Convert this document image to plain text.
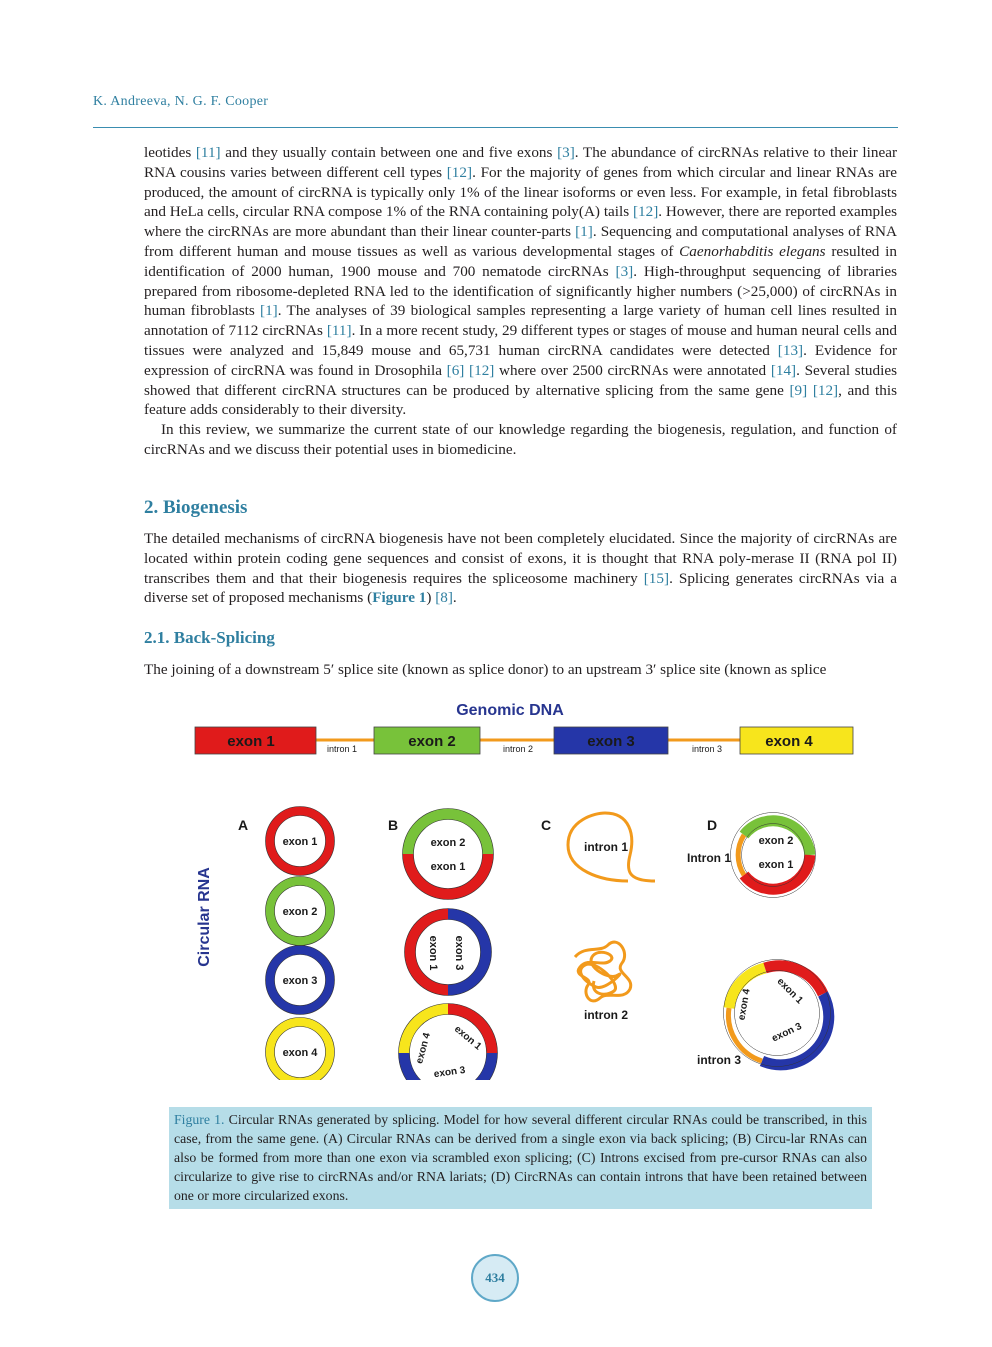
K. Andreeva, N. G. F. Cooper

leotides [11] and they usually contain between one and five exons [3]. The abundance of circRNAs relative to their linear RNA cousins varies between different cell types [12]. For the majority of genes from which circular and linear RNAs are produced, the amount of circRNA is typically only 1% of the linear isoforms or even less. For example, in fetal fibroblasts and HeLa cells, circular RNA compose 1% of the RNA containing poly(A) tails [12]. However, there are reported examples where the circRNAs are more abundant than their linear counter-parts [1]. Sequencing and computational analyses of RNA from different human and mouse tissues as well as various developmental stages of Caenorhabditis elegans resulted in identification of 2000 human, 1900 mouse and 700 nematode circRNAs [3]. High-throughput sequencing of libraries prepared from ribosome-depleted RNA led to the identification of significantly higher numbers (>25,000) of circRNAs in human fibroblasts [1]. The analyses of 39 biological samples representing a large variety of human cell lines resulted in annotation of 7112 circRNAs [11]. In a more recent study, 29 different types or stages of mouse and human neural cells and tissues were analyzed and 15,849 mouse and 65,731 human circRNA candidates were detected [13]. Evidence for expression of circRNA was found in Drosophila [6] [12] where over 2500 circRNAs were annotated [14]. Several studies showed that different circRNA structures can be produced by alternative splicing from the same gene [9] [12], and this feature adds considerably to their diversity.

In this review, we summarize the current state of our knowledge regarding the biogenesis, regulation, and function of circRNAs and we discuss their potential uses in biomedicine.

2. Biogenesis
The detailed mechanisms of circRNA biogenesis have not been completely elucidated. Since the majority of circRNAs are located within protein coding gene sequences and consist of exons, it is thought that RNA poly-merase II (RNA pol II) transcribes them and that their biogenesis requires the spliceosome machinery [15]. Splicing generates circRNAs via a diverse set of proposed mechanisms (Figure 1) [8].
2.1. Back-Splicing
The joining of a downstream 5′ splice site (known as splice donor) to an upstream 3′ splice site (known as splice
Genomic DNA
exon 1	exon 2	exon 3	exon 4
intron 1	intron 2	intron 3
Circular RNA
A	B	C	D
exon 1
exon 2
exon 3
exon 4
exon 2
exon 1
exon 1 exon 3
exon 4 exon 1
exon 3
intron 1
intron 2
exon 2
exon 1
Intron 1
exon 4 exon 1
exon 3
intron 3
Figure 1. Circular RNAs generated by splicing. Model for how several different circular RNAs could be transcribed, in this case, from the same gene. (A) Circular RNAs can be derived from a single exon via back splicing; (B) Circu-lar RNAs can also be formed from more than one exon via scrambled exon splicing; (C) Introns excised from pre-cursor RNAs can also circularize to give rise to circRNAs and/or RNA lariats; (D) CircRNAs can contain introns that have been retained between one or more circularized exons.
434
